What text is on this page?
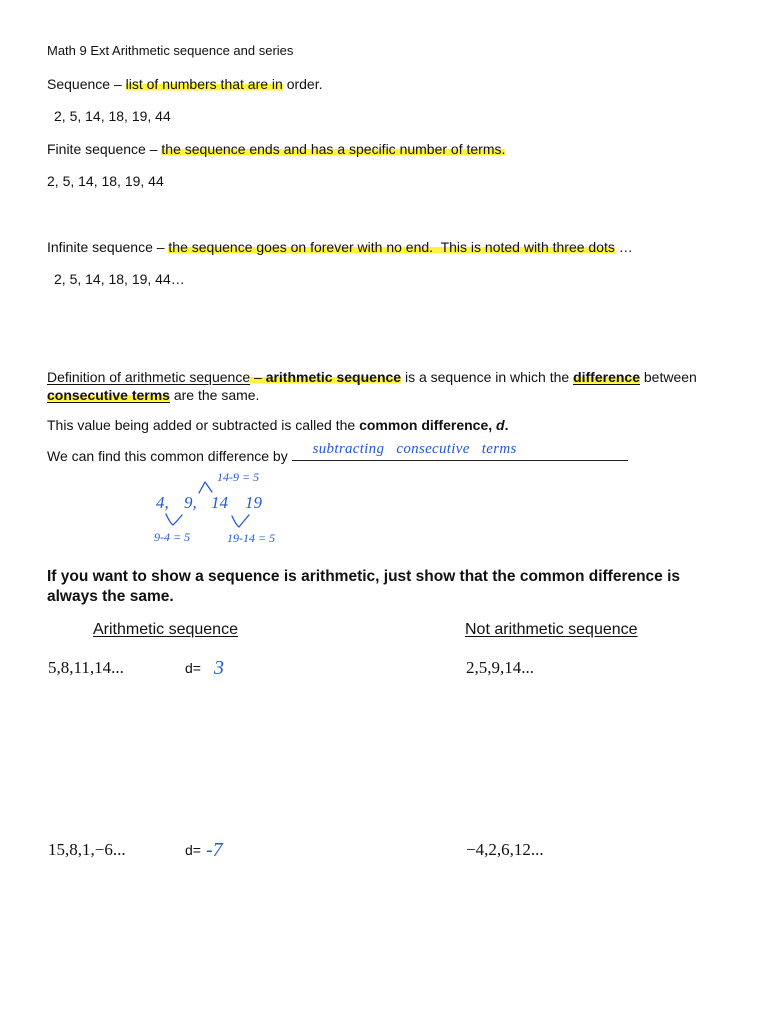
Math 9 Ext Arithmetic sequence and series
Sequence – list of numbers that are in order.
2, 5, 14, 18, 19, 44
Finite sequence – the sequence ends and has a specific number of terms.
2, 5, 14, 18, 19, 44
Infinite sequence – the sequence goes on forever with no end.  This is noted with three dots …
2, 5, 14, 18, 19, 44…
Definition of arithmetic sequence – arithmetic sequence is a sequence in which the difference between
consecutive terms are the same.
This value being added or subtracted is called the common difference, d.
We can find this common difference by subtracting   consecutive   terms
4, 9, 14 19
9-4 = 5
14-9 = 5
19-14 = 5
If you want to show a sequence is arithmetic, just show that the common difference is always the same.
Arithmetic sequence	Not arithmetic sequence
5,8,11,14...	d= 3	2,5,9,14...
15,8,1,−6...	d= -7	−4,2,6,12...
